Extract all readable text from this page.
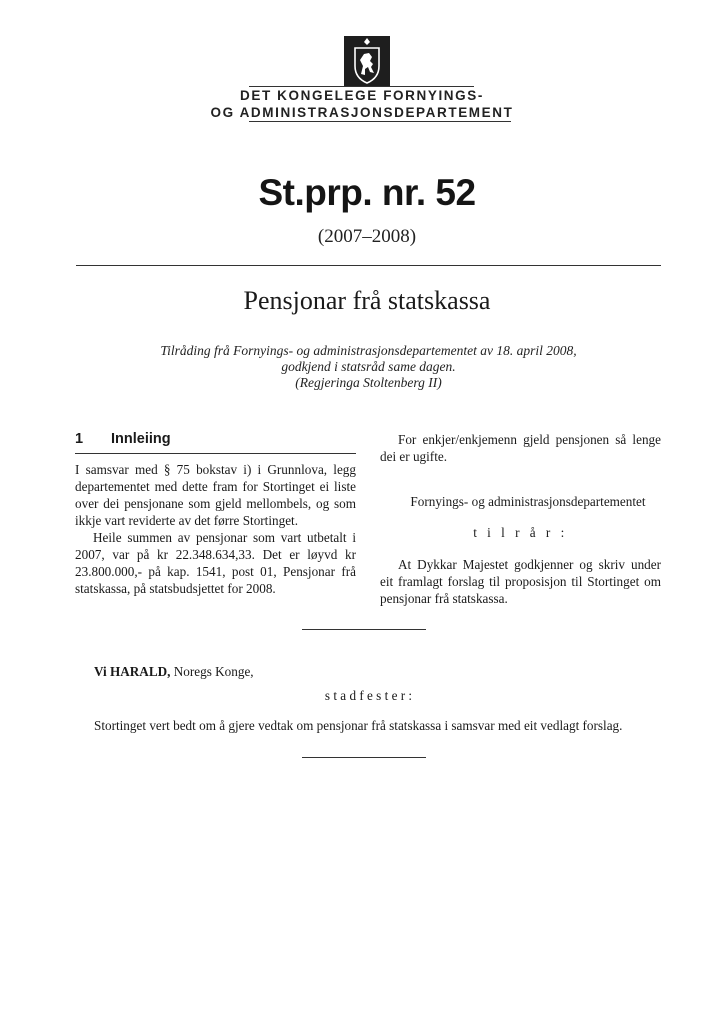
DET KONGELEGE FORNYINGS-
OG ADMINISTRASJONSDEPARTEMENT
St.prp. nr. 52
(2007–2008)
Pensjonar frå statskassa
Tilråding frå Fornyings- og administrasjonsdepartementet av 18. april 2008,
godkjend i statsråd same dagen.
(Regjeringa Stoltenberg II)
1 Innleiing

I samsvar med § 75 bokstav i) i Grunnlova, legg departementet med dette fram for Stortinget ei liste over dei pensjonane som gjeld mellombels, og som ikkje vart reviderte av det førre Stortinget.

Heile summen av pensjonar som vart utbetalt i 2007, var på kr 22.348.634,33. Det er løyvd kr 23.800.000,- på kap. 1541, post 01, Pensjonar frå statskassa, på statsbudsjettet for 2008.

For enkjer/enkjemenn gjeld pensjonen så lenge dei er ugifte.

Fornyings- og administrasjonsdepartementet
t i l r å r :

At Dykkar Majestet godkjenner og skriv under eit framlagt forslag til proposisjon til Stortinget om pensjonar frå statskassa.

Vi HARALD, Noregs Konge,
s t a d f e s t e r :
Stortinget vert bedt om å gjere vedtak om pensjonar frå statskassa i samsvar med eit vedlagt forslag.
